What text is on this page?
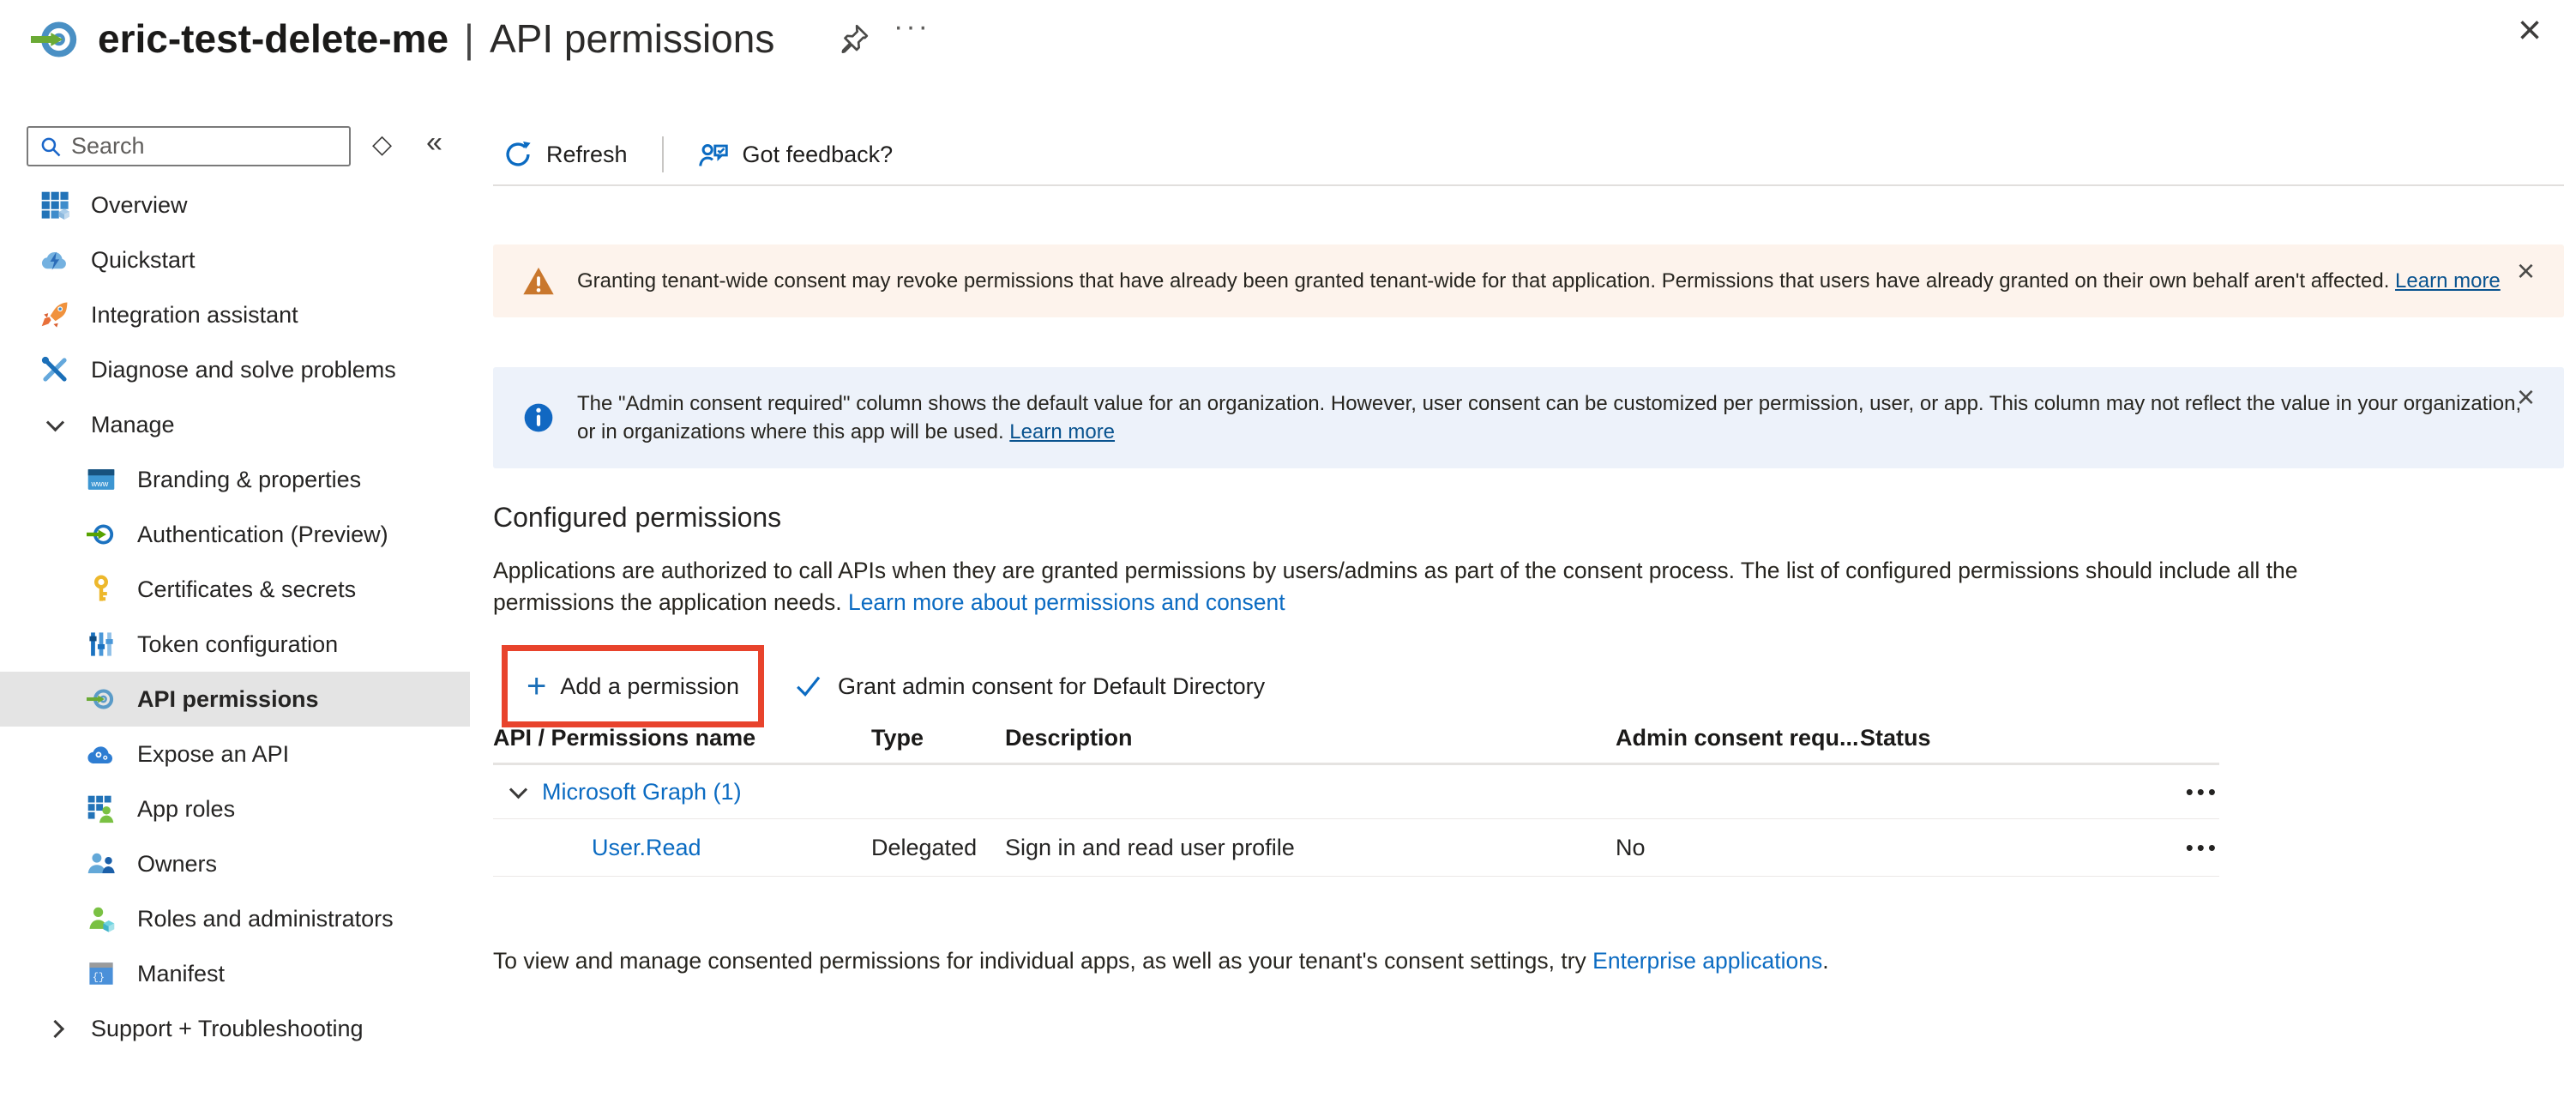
eric-test-delete-me | API permissions	···	×
Search
◇ «
Overview
Quickstart
Integration assistant
Diagnose and solve problems
Manage
www Branding & properties
Authentication (Preview)
Certificates & secrets
Token configuration
API permissions
Expose an API
App roles
Owners
Roles and administrators
{} Manifest
Support + Troubleshooting
Refresh	Got feedback?
Granting tenant-wide consent may revoke permissions that have already been granted tenant-wide for that application. Permissions that users have already granted on their own behalf aren't affected. Learn more ×
The "Admin consent required" column shows the default value for an organization. However, user consent can be customized per permission, user, or app. This column may not reflect the value in your organization, or in organizations where this app will be used. Learn more
×
Configured permissions
Applications are authorized to call APIs when they are granted permissions by users/admins as part of the consent process. The list of configured permissions should include all the permissions the application needs. Learn more about permissions and consent
+ Add a permission	Grant admin consent for Default Directory
API / Permissions name	Type	Description	Admin consent requ... Status
Microsoft Graph (1)	•••
User.Read	Delegated	Sign in and read user profile	No	•••
To view and manage consented permissions for individual apps, as well as your tenant's consent settings, try Enterprise applications.
